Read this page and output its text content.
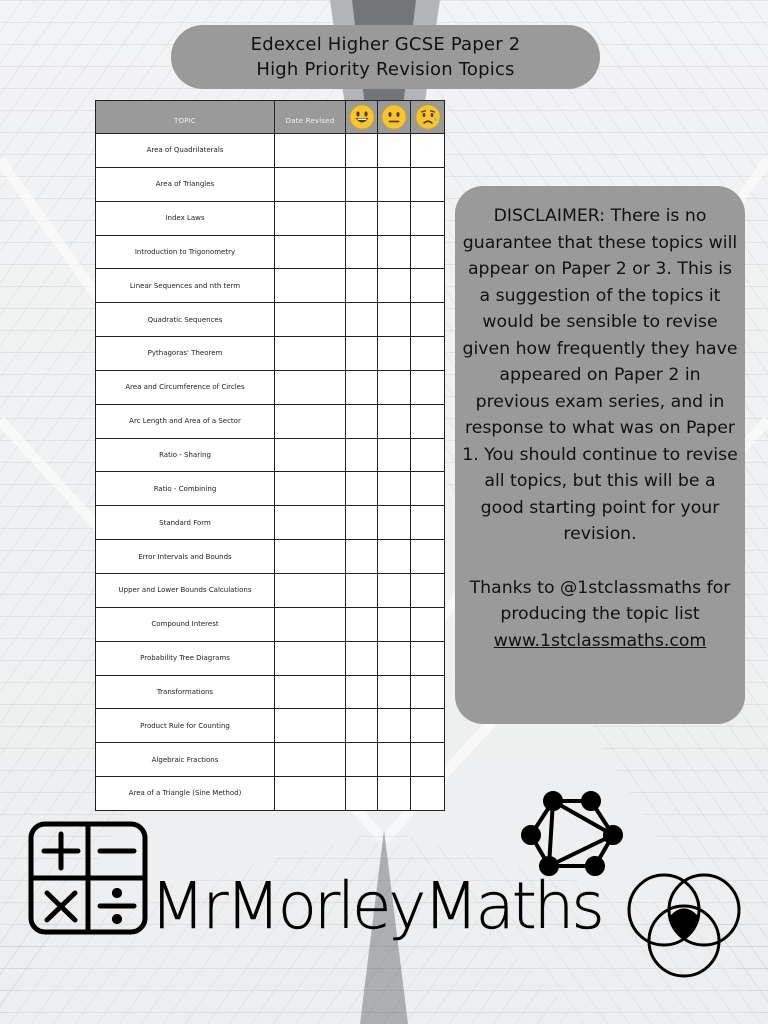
Edexcel Higher GCSE Paper 2
High Priority Revision Topics
TOPIC	Date Revised			
Area of Quadrilaterals				
Area of Triangles				
Index Laws				
Introduction to Trigonometry				
Linear Sequences and nth term				
Quadratic Sequences				
Pythagoras' Theorem				
Area and Circumference of Circles				
Arc Length and Area of a Sector				
Ratio - Sharing				
Ratio - Combining				
Standard Form				
Error Intervals and Bounds				
Upper and Lower Bounds Calculations				
Compound Interest				
Probability Tree Diagrams				
Transformations				
Product Rule for Counting				
Algebraic Fractions				
Area of a Triangle (Sine Method)				

DISCLAIMER: There is no guarantee that these topics will appear on Paper 2 or 3. This is a suggestion of the topics it would be sensible to revise given how frequently they have appeared on Paper 2 in previous exam series, and in response to what was on Paper 1. You should continue to revise all topics, but this will be a good starting point for your revision.

Thanks to @1stclassmaths for producing the topic list
www.1stclassmaths.com

MrMorleyMaths
